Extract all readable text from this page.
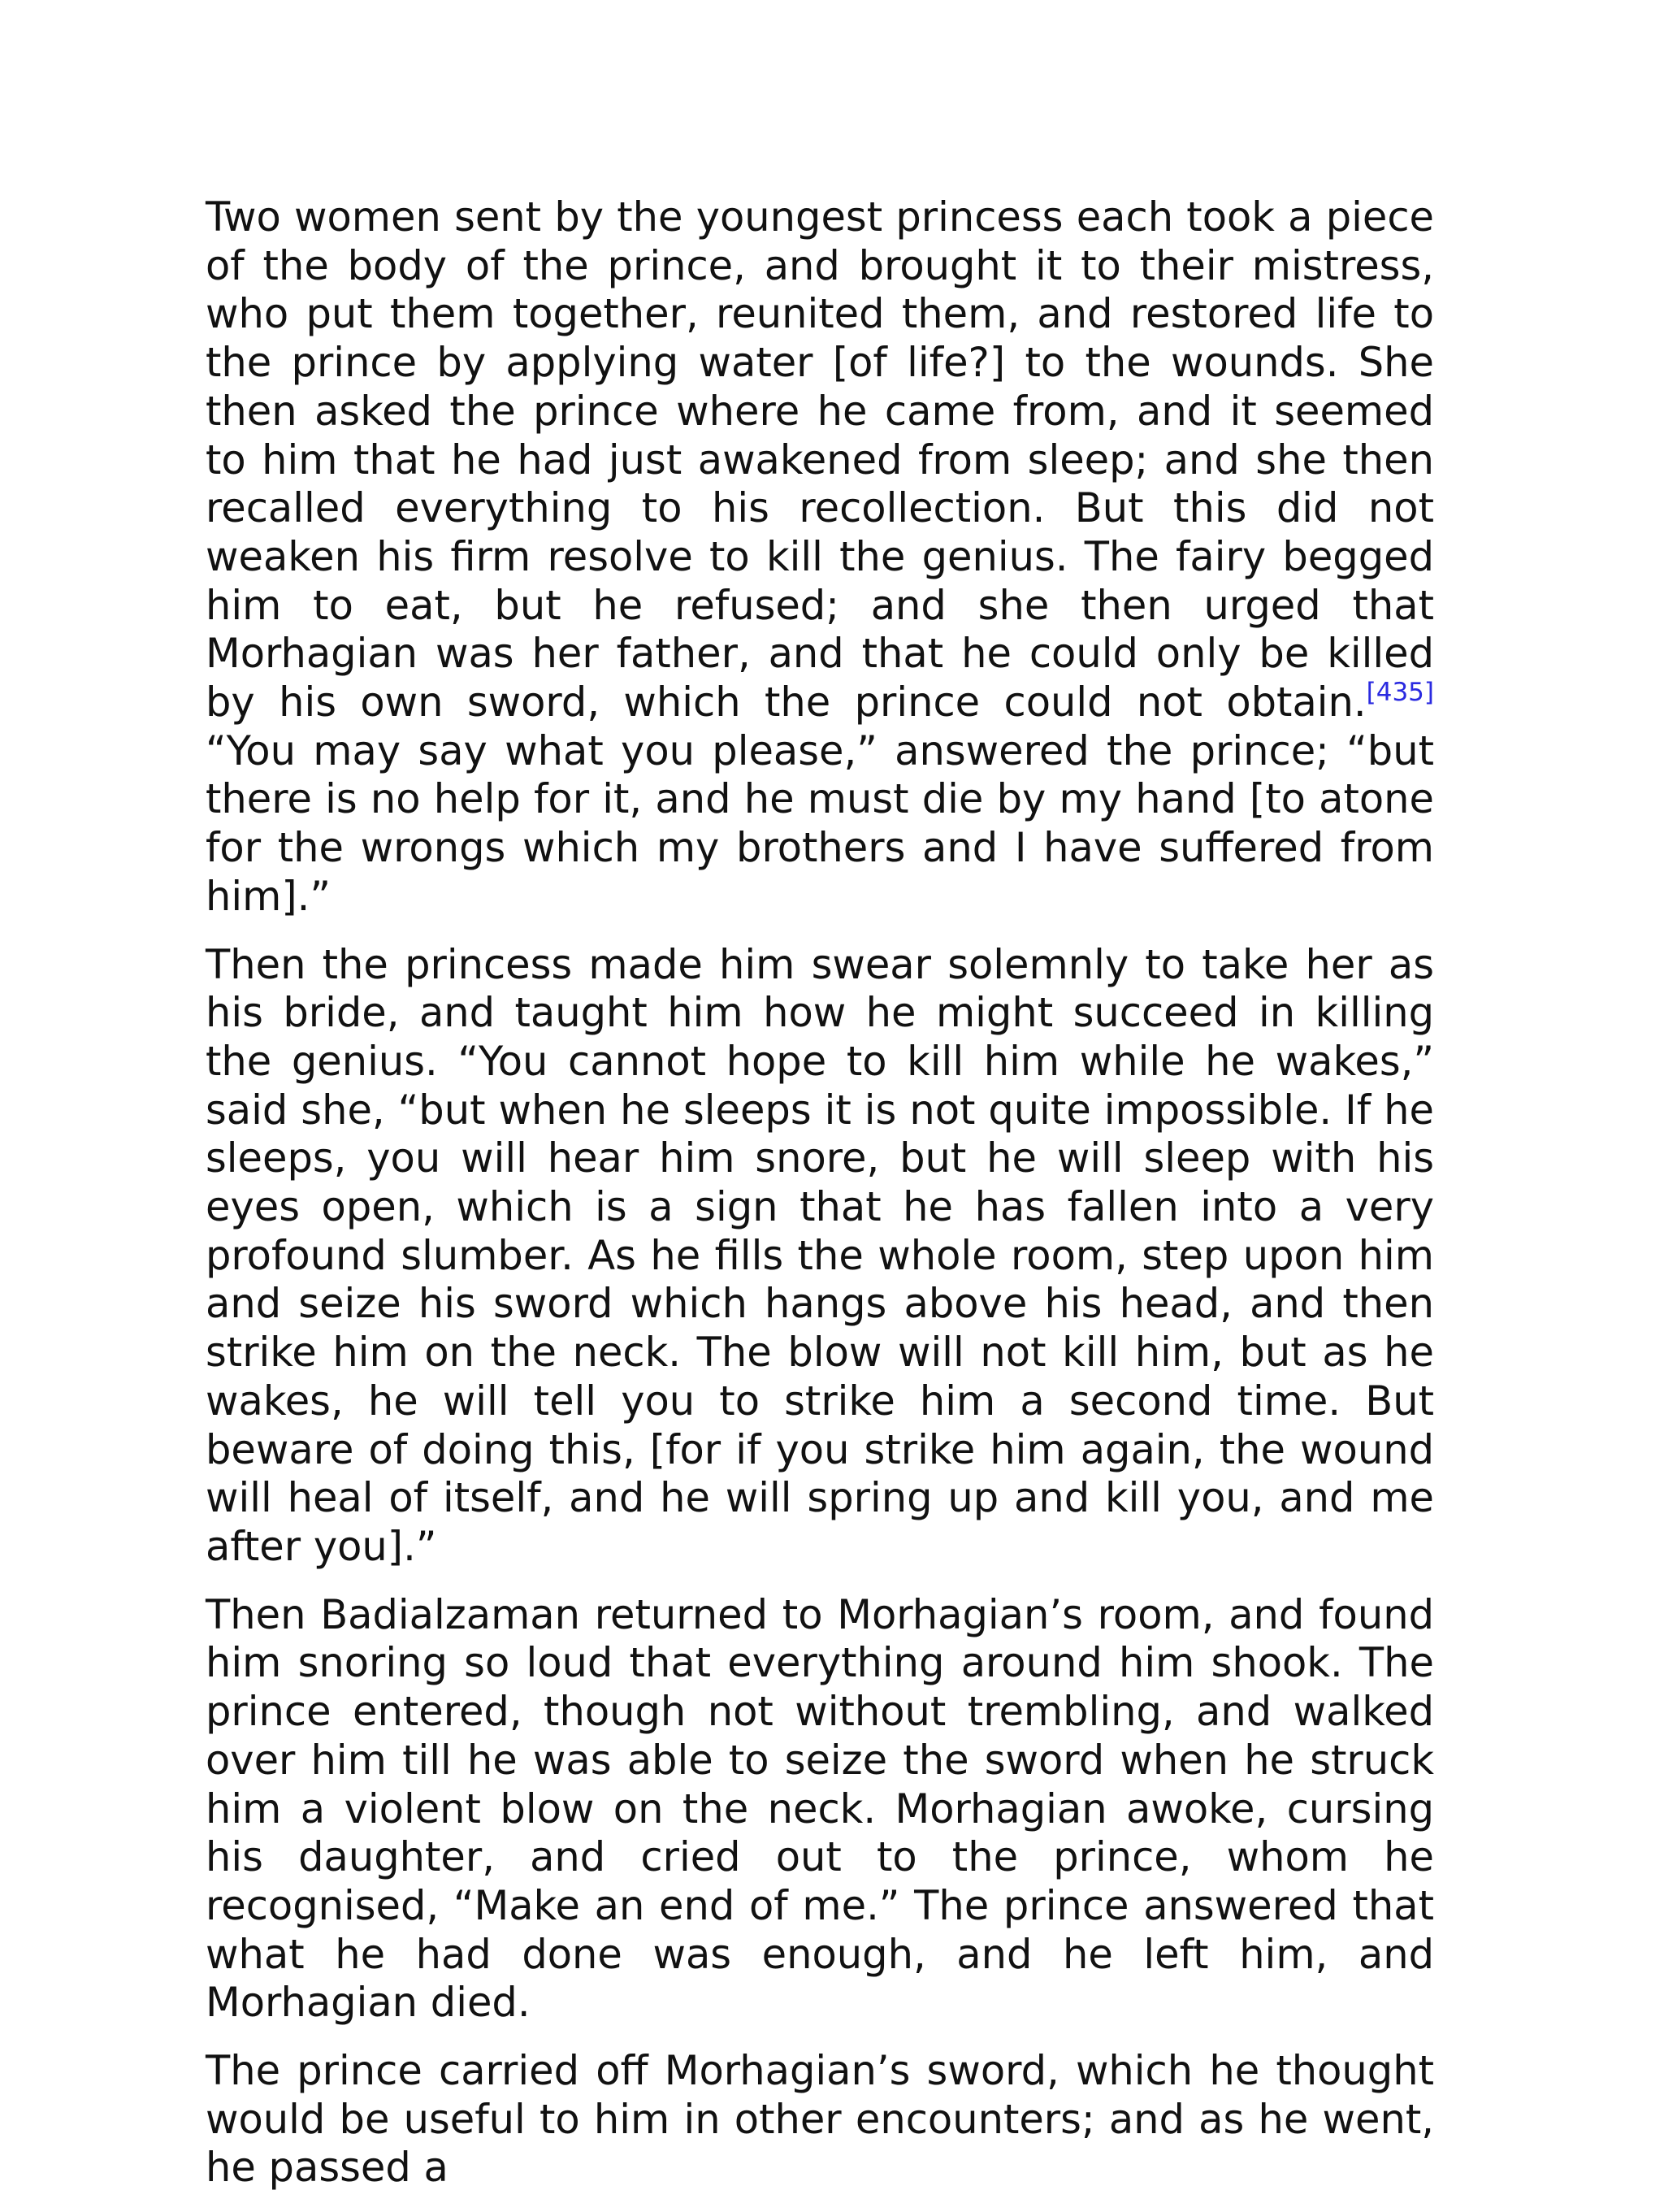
Two women sent by the youngest princess each took a piece of the body of the prince, and brought it to their mistress, who put them together, reunited them, and restored life to the prince by applying water [of life?] to the wounds. She then asked the prince where he came from, and it seemed to him that he had just awakened from sleep; and she then recalled everything to his recollection. But this did not weaken his firm resolve to kill the genius. The fairy begged him to eat, but he refused; and she then urged that Morhagian was her father, and that he could only be killed by his own sword, which the prince could not obtain.[435] “You may say what you please,” answered the prince; “but there is no help for it, and he must die by my hand [to atone for the wrongs which my brothers and I have suffered from him].”

Then the princess made him swear solemnly to take her as his bride, and taught him how he might succeed in killing the genius. “You cannot hope to kill him while he wakes,” said she, “but when he sleeps it is not quite impossible. If he sleeps, you will hear him snore, but he will sleep with his eyes open, which is a sign that he has fallen into a very profound slumber. As he fills the whole room, step upon him and seize his sword which hangs above his head, and then strike him on the neck. The blow will not kill him, but as he wakes, he will tell you to strike him a second time. But beware of doing this, [for if you strike him again, the wound will heal of itself, and he will spring up and kill you, and me after you].”

Then Badialzaman returned to Morhagian’s room, and found him snoring so loud that everything around him shook. The prince entered, though not without trembling, and walked over him till he was able to seize the sword when he struck him a violent blow on the neck. Morhagian awoke, cursing his daughter, and cried out to the prince, whom he recognised, “Make an end of me.” The prince answered that what he had done was enough, and he left him, and Morhagian died.

The prince carried off Morhagian’s sword, which he thought would be useful to him in other encounters; and as he went, he passed a
